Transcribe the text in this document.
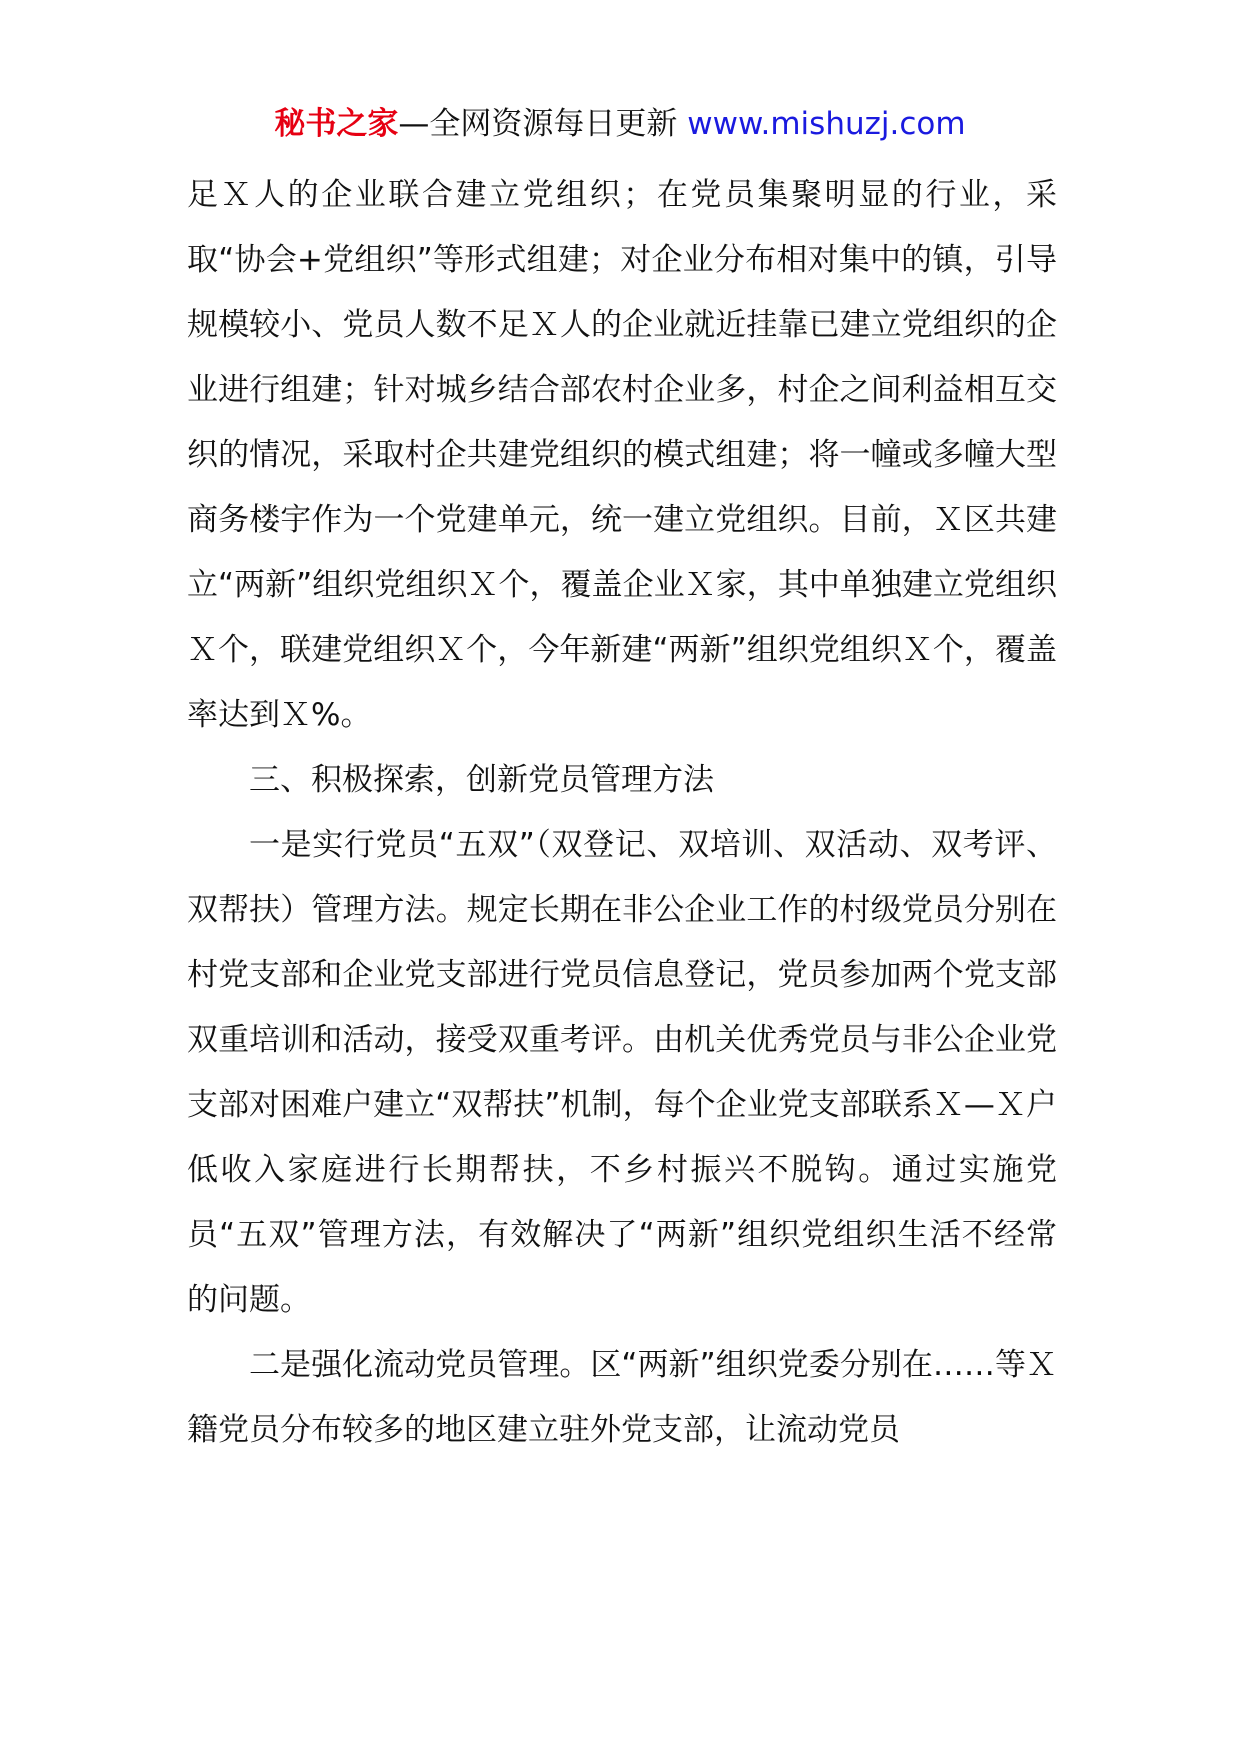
秘书之家—全网资源每日更新 www.mishuzj.com

足Ｘ人的企业联合建立党组织；在党员集聚明显的行业，采取“协会+党组织”等形式组建；对企业分布相对集中的镇，引导规模较小、党员人数不足Ｘ人的企业就近挂靠已建立党组织的企业进行组建；针对城乡结合部农村企业多，村企之间利益相互交织的情况，采取村企共建党组织的模式组建；将一幢或多幢大型商务楼宇作为一个党建单元，统一建立党组织。目前，Ｘ区共建立“两新”组织党组织Ｘ个，覆盖企业Ｘ家，其中单独建立党组织Ｘ个，联建党组织Ｘ个，今年新建“两新”组织党组织Ｘ个，覆盖率达到Ｘ%。

三、积极探索，创新党员管理方法

一是实行党员“五双”（双登记、双培训、双活动、双考评、双帮扶）管理方法。规定长期在非公企业工作的村级党员分别在村党支部和企业党支部进行党员信息登记，党员参加两个党支部双重培训和活动，接受双重考评。由机关优秀党员与非公企业党支部对困难户建立“双帮扶”机制，每个企业党支部联系Ｘ—Ｘ户低收入家庭进行长期帮扶，不乡村振兴不脱钩。通过实施党员“五双”管理方法，有效解决了“两新”组织党组织生活不经常的问题。

二是强化流动党员管理。区“两新”组织党委分别在……等Ｘ籍党员分布较多的地区建立驻外党支部，让流动党员
